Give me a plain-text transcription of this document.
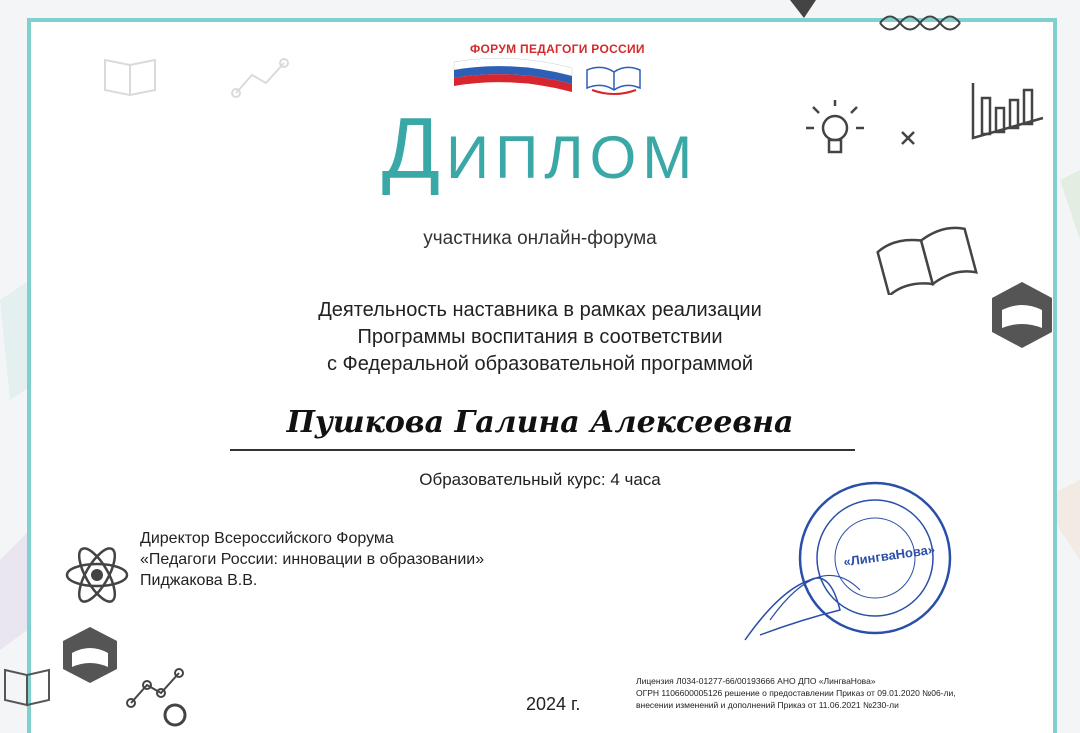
ФОРУМ ПЕДАГОГИ РОССИИ
Диплом
участника онлайн-форума
Деятельность наставника в рамках реализации
Программы воспитания в соответствии
с Федеральной образовательной программой
Пушкова Галина Алексеевна
Образовательный курс: 4 часа
Директор Всероссийского Форума
«Педагоги России: инновации в образовании»
Пиджакова В.В.
«ЛингваНова»
2024 г.
Лицензия Л034-01277-66/00193666 АНО ДПО «ЛингваНова»
ОГРН 1106600005126 решение о предоставлении Приказ от 09.01.2020 №06-ли,
внесении изменений и дополнений Приказ от 11.06.2021 №230-ли
